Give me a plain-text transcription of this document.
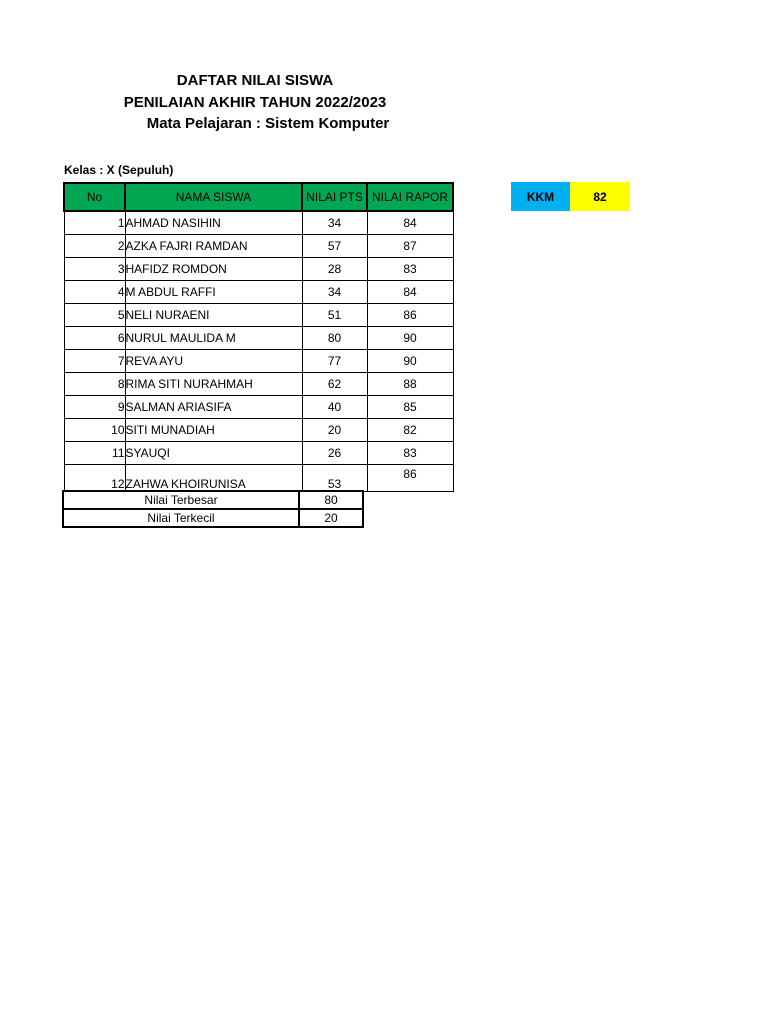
DAFTAR NILAI SISWA
PENILAIAN AKHIR TAHUN 2022/2023
Mata Pelajaran : Sistem Komputer
Kelas : X (Sepuluh)
No	NAMA SISWA	NILAI PTS	NILAI RAPOR
1	AHMAD NASIHIN	34	84
2	AZKA FAJRI RAMDAN	57	87
3	HAFIDZ ROMDON	28	83
4	M ABDUL RAFFI	34	84
5	NELI NURAENI	51	86
6	NURUL MAULIDA M	80	90
7	REVA AYU	77	90
8	RIMA SITI NURAHMAH	62	88
9	SALMAN ARIASIFA	40	85
10	SITI MUNADIAH	20	82
11	SYAUQI	26	83
12	ZAHWA KHOIRUNISA	53	86
Nilai Terbesar	80
Nilai Terkecil	20
KKM	82
